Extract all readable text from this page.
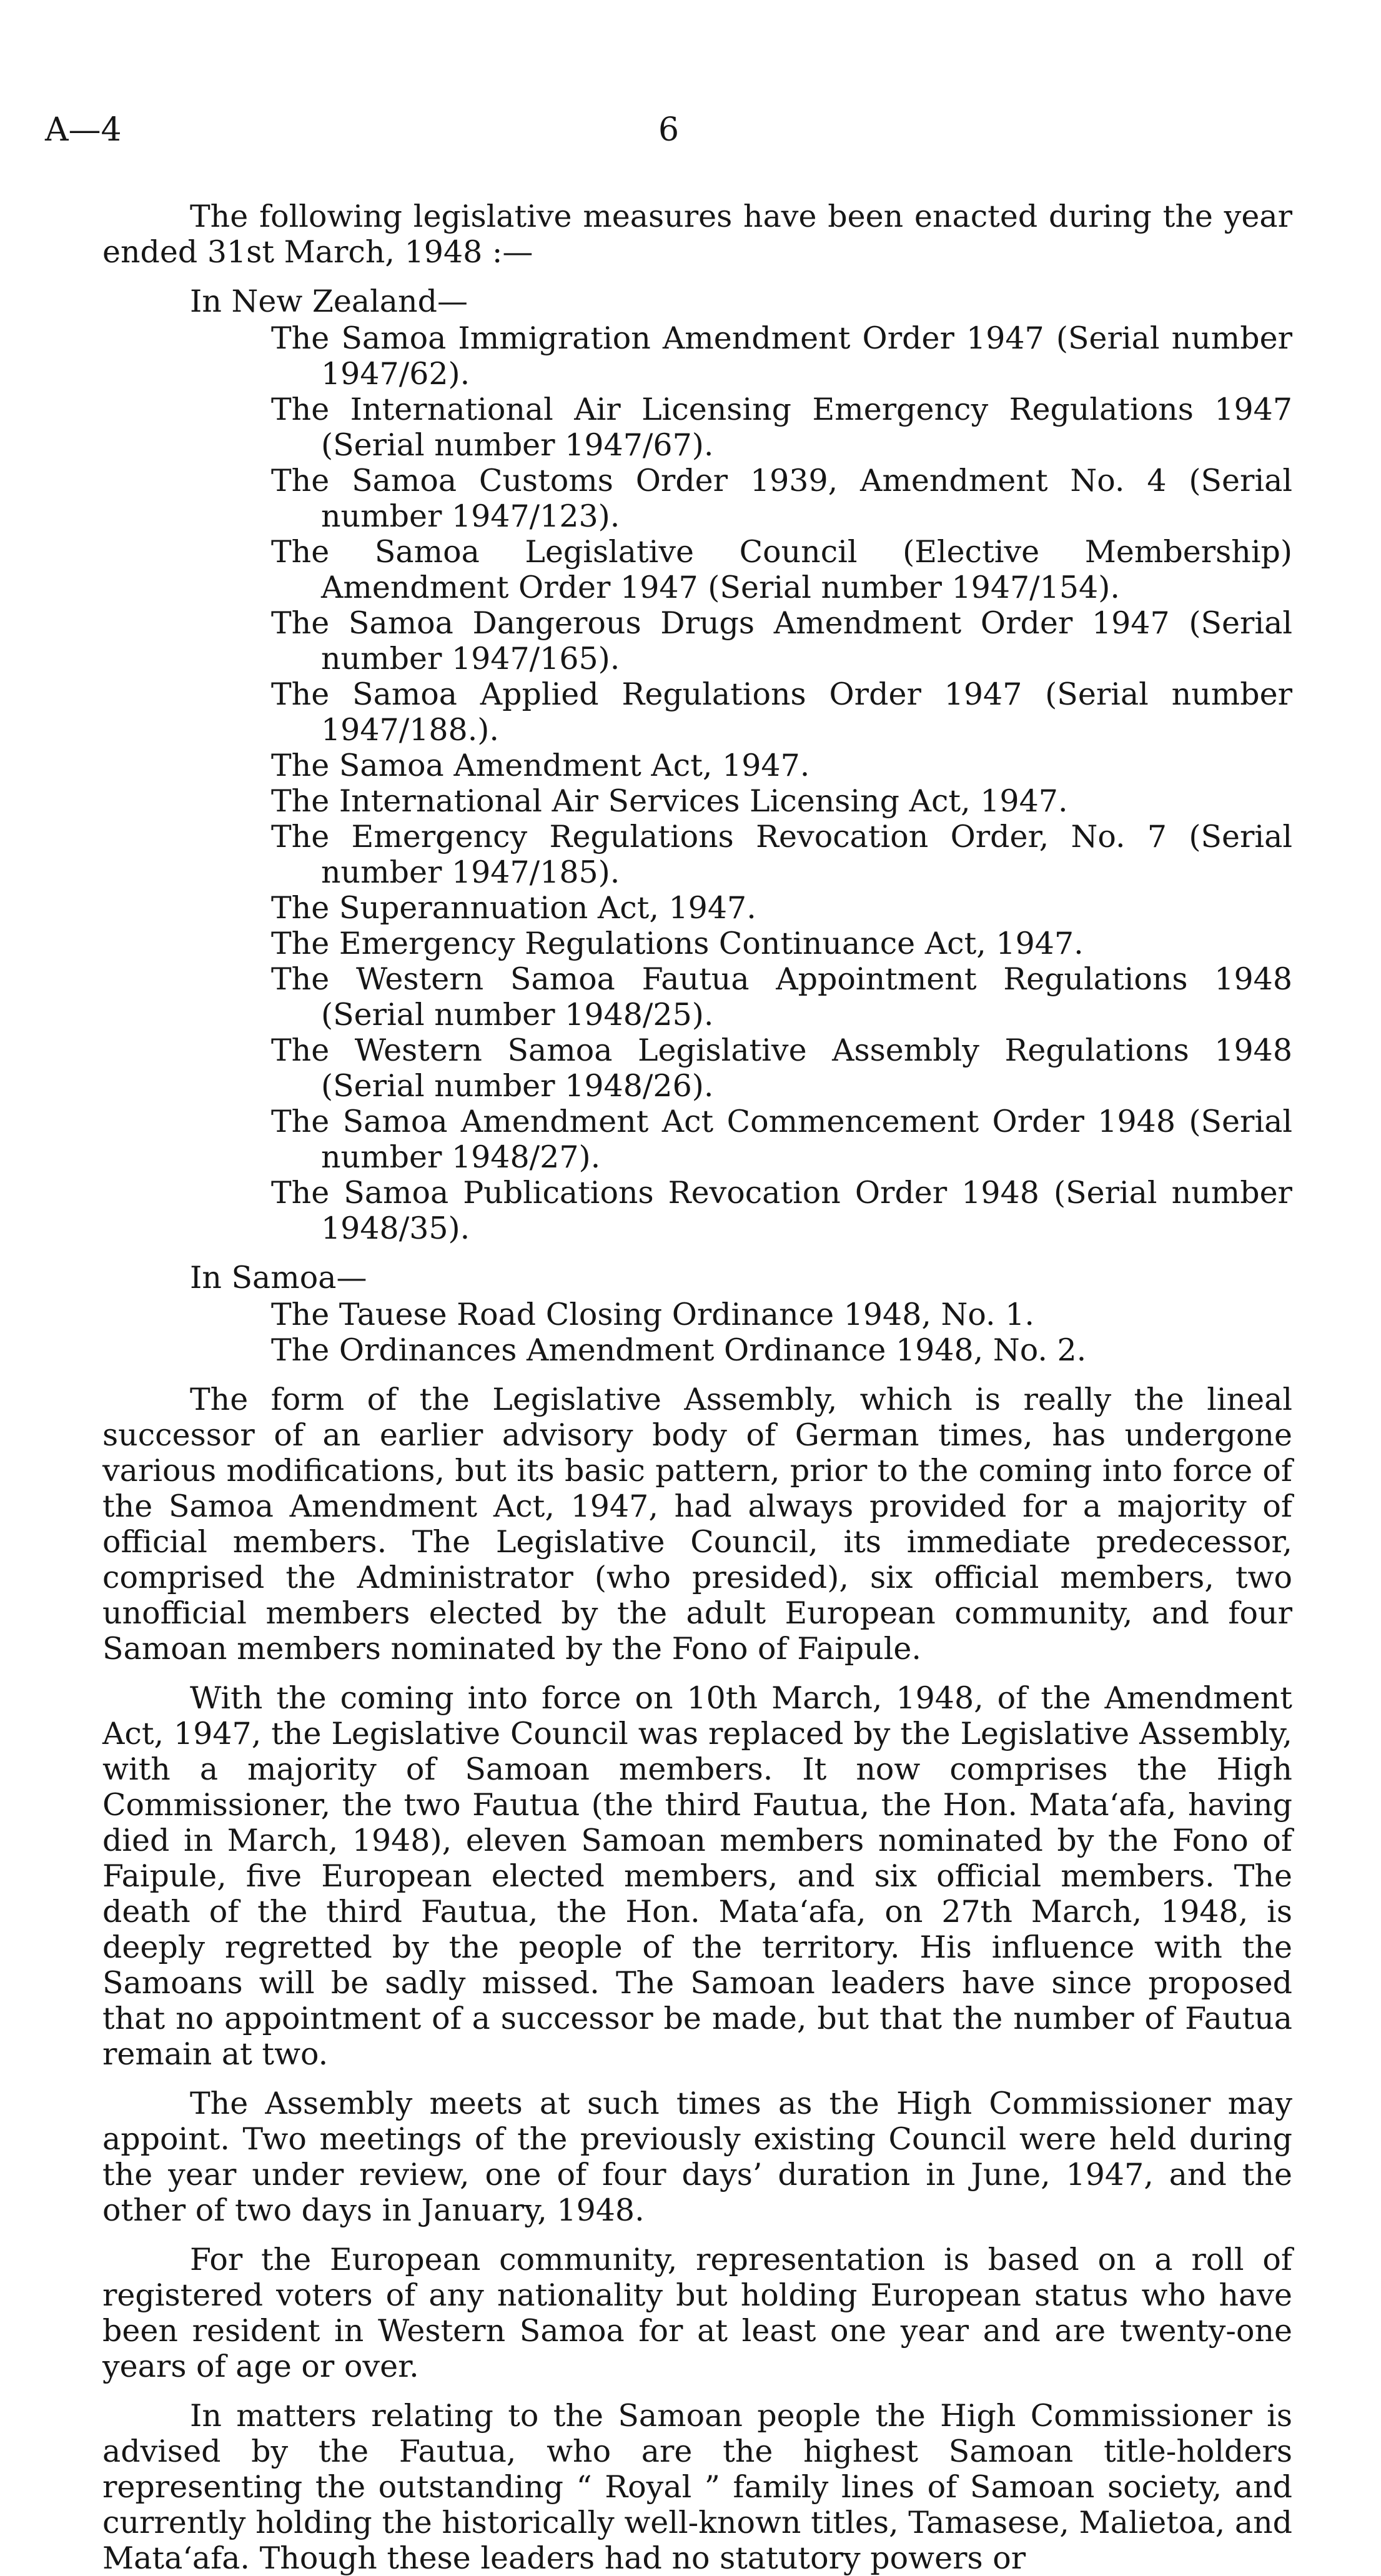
A—4	6

The following legislative measures have been enacted during the year ended 31st March, 1948 :—

In New Zealand—

The Samoa Immigration Amendment Order 1947 (Serial number 1947/62).
The International Air Licensing Emergency Regulations 1947 (Serial number 1947/67).
The Samoa Customs Order 1939, Amendment No. 4 (Serial number 1947/123).
The Samoa Legislative Council (Elective Membership) Amendment Order 1947 (Serial number 1947/154).
The Samoa Dangerous Drugs Amendment Order 1947 (Serial number 1947/165).
The Samoa Applied Regulations Order 1947 (Serial number 1947/188.).
The Samoa Amendment Act, 1947.
The International Air Services Licensing Act, 1947.
The Emergency Regulations Revocation Order, No. 7 (Serial number 1947/185).
The Superannuation Act, 1947.
The Emergency Regulations Continuance Act, 1947.
The Western Samoa Fautua Appointment Regulations 1948 (Serial number 1948/25).
The Western Samoa Legislative Assembly Regulations 1948 (Serial number 1948/26).
The Samoa Amendment Act Commencement Order 1948 (Serial number 1948/27).
The Samoa Publications Revocation Order 1948 (Serial number 1948/35).

In Samoa—

The Tauese Road Closing Ordinance 1948, No. 1.
The Ordinances Amendment Ordinance 1948, No. 2.

The form of the Legislative Assembly, which is really the lineal successor of an earlier advisory body of German times, has undergone various modifications, but its basic pattern, prior to the coming into force of the Samoa Amendment Act, 1947, had always provided for a majority of official members. The Legislative Council, its immediate predecessor, comprised the Administrator (who presided), six official members, two unofficial members elected by the adult European community, and four Samoan members nominated by the Fono of Faipule.

With the coming into force on 10th March, 1948, of the Amendment Act, 1947, the Legislative Council was replaced by the Legislative Assembly, with a majority of Samoan members. It now comprises the High Commissioner, the two Fautua (the third Fautua, the Hon. Mata‘afa, having died in March, 1948), eleven Samoan members nominated by the Fono of Faipule, five European elected members, and six official members. The death of the third Fautua, the Hon. Mata‘afa, on 27th March, 1948, is deeply regretted by the people of the territory. His influence with the Samoans will be sadly missed. The Samoan leaders have since proposed that no appointment of a successor be made, but that the number of Fautua remain at two.

The Assembly meets at such times as the High Commissioner may appoint. Two meetings of the previously existing Council were held during the year under review, one of four days’ duration in June, 1947, and the other of two days in January, 1948.

For the European community, representation is based on a roll of registered voters of any nationality but holding European status who have been resident in Western Samoa for at least one year and are twenty-one years of age or over.

In matters relating to the Samoan people the High Commissioner is advised by the Fautua, who are the highest Samoan title-holders representing the outstanding “ Royal ” family lines of Samoan society, and currently holding the historically well-known titles, Tamasese, Malietoa, and Mata‘afa. Though these leaders had no statutory powers or
